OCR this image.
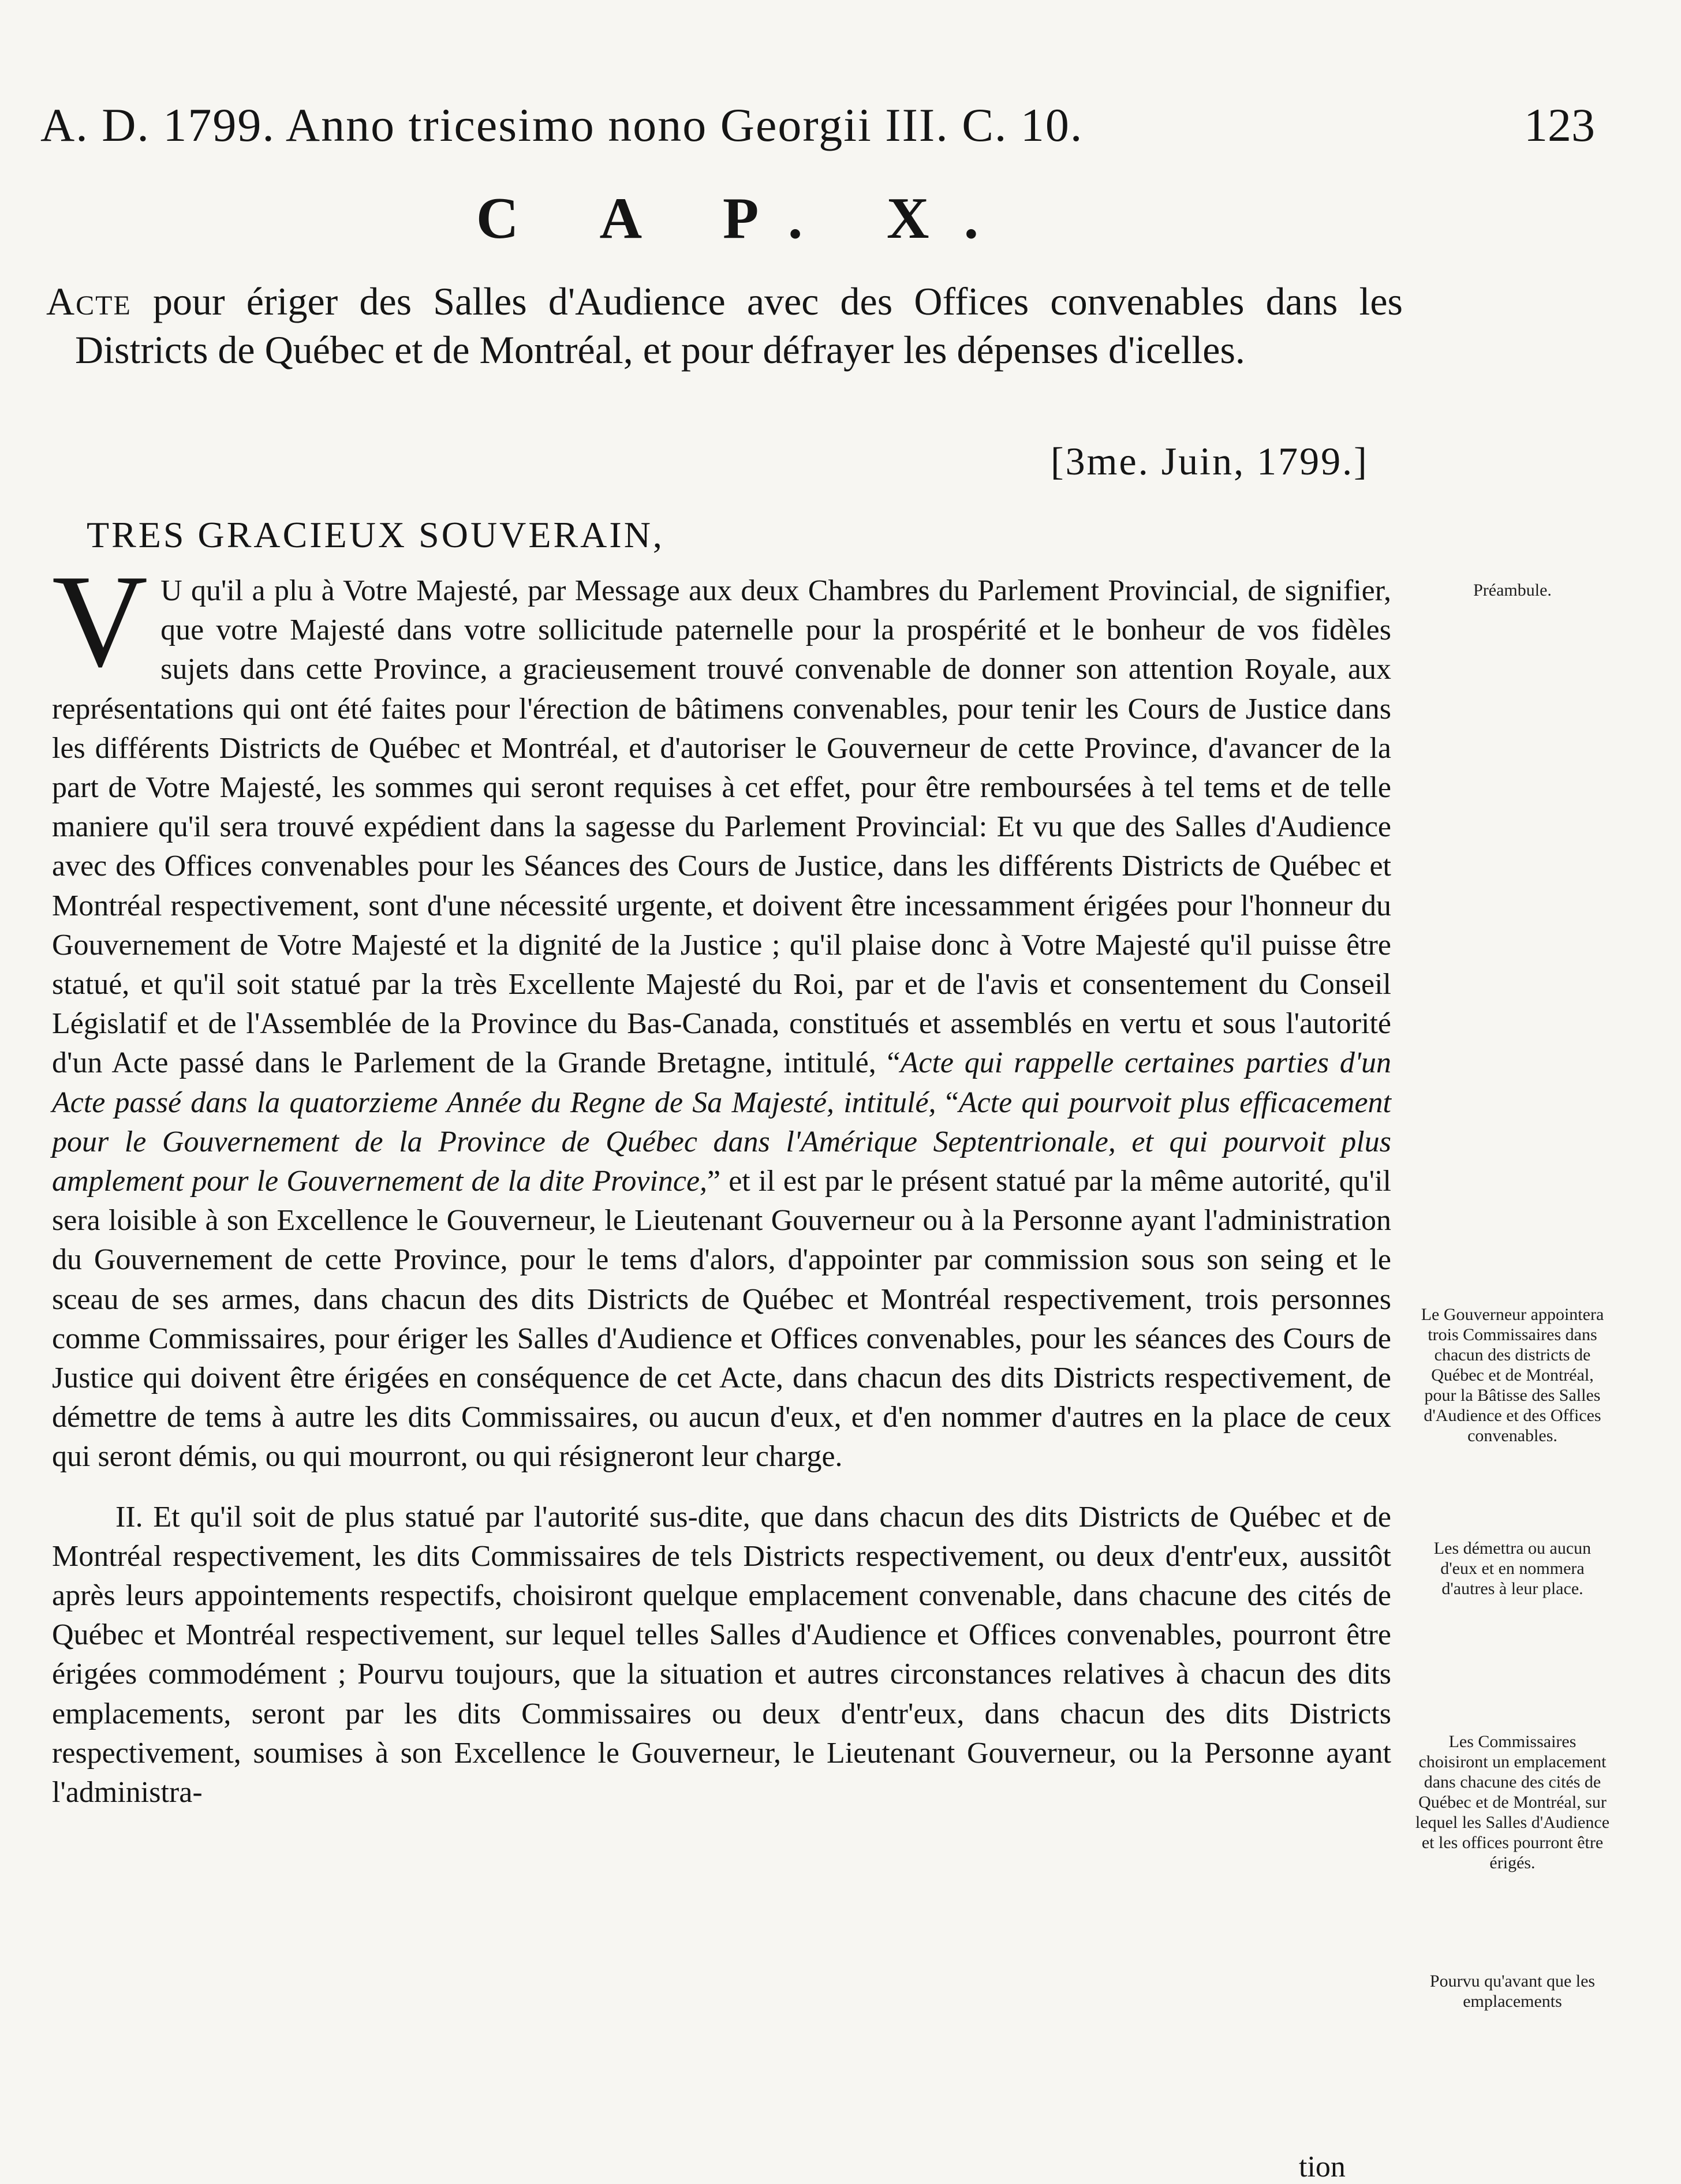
A. D. 1799. Anno tricesimo nono Georgii III. C. 10.	123
C A P. X.
Acte pour ériger des Salles d'Audience avec des Offices convenables dans les Districts de Québec et de Montréal, et pour défrayer les dépenses d'icelles.
[3me. Juin, 1799.]
TRES GRACIEUX SOUVERAIN,

V U qu'il a plu à Votre Majesté, par Message aux deux Chambres du Parlement Provincial, de signifier, que votre Majesté dans votre sollicitude paternelle pour la prospérité et le bonheur de vos fidèles sujets dans cette Province, a gracieusement trouvé convenable de donner son attention Royale, aux représentations qui ont été faites pour l'érection de bâtimens convenables, pour tenir les Cours de Justice dans les différents Districts de Québec et Montréal, et d'autoriser le Gouverneur de cette Province, d'avancer de la part de Votre Majesté, les sommes qui seront requises à cet effet, pour être remboursées à tel tems et de telle maniere qu'il sera trouvé expédient dans la sagesse du Parlement Provincial: Et vu que des Salles d'Audience avec des Offices convenables pour les Séances des Cours de Justice, dans les différents Districts de Québec et Montréal respectivement, sont d'une nécessité urgente, et doivent être incessamment érigées pour l'honneur du Gouvernement de Votre Majesté et la dignité de la Justice ; qu'il plaise donc à Votre Majesté qu'il puisse être statué, et qu'il soit statué par la très Excellente Majesté du Roi, par et de l'avis et consentement du Conseil Législatif et de l'Assemblée de la Province du Bas-Canada, constitués et assemblés en vertu et sous l'autorité d'un Acte passé dans le Parlement de la Grande Bretagne, intitulé, “Acte qui rappelle certaines parties d'un Acte passé dans la quatorzieme Année du Regne de Sa Majesté, intitulé, “Acte qui pourvoit plus efficacement pour le Gouvernement de la Province de Québec dans l'Amérique Septentrionale, et qui pourvoit plus amplement pour le Gouvernement de la dite Province,” et il est par le présent statué par la même autorité, qu'il sera loisible à son Excellence le Gouverneur, le Lieutenant Gouverneur ou à la Personne ayant l'administration du Gouvernement de cette Province, pour le tems d'alors, d'appointer par commission sous son seing et le sceau de ses armes, dans chacun des dits Districts de Québec et Montréal respectivement, trois personnes comme Commissaires, pour ériger les Salles d'Audience et Offices convenables, pour les séances des Cours de Justice qui doivent être érigées en conséquence de cet Acte, dans chacun des dits Districts respectivement, de démettre de tems à autre les dits Commissaires, ou aucun d'eux, et d'en nommer d'autres en la place de ceux qui seront démis, ou qui mourront, ou qui résigneront leur charge.

II. Et qu'il soit de plus statué par l'autorité sus-dite, que dans chacun des dits Districts de Québec et de Montréal respectivement, les dits Commissaires de tels Districts respectivement, ou deux d'entr'eux, aussitôt après leurs appointements respectifs, choisiront quelque emplacement convenable, dans chacune des cités de Québec et Montréal respectivement, sur lequel telles Salles d'Audience et Offices convenables, pourront être érigées commodément ; Pourvu toujours, que la situation et autres circonstances relatives à chacun des dits emplacements, seront par les dits Commissaires ou deux d'entr'eux, dans chacun des dits Districts respectivement, soumises à son Excellence le Gouverneur, le Lieutenant Gouverneur, ou la Personne ayant l'administra-

Préambule.
Le Gouverneur appointera trois Commissaires dans chacun des districts de Québec et de Montréal, pour la Bâtisse des Salles d'Audience et des Offices convenables.
Les démettra ou aucun d'eux et en nommera d'autres à leur place.
Les Commissaires choisiront un emplacement dans chacune des cités de Québec et de Montréal, sur lequel les Salles d'Audience et les offices pourront être érigés.
Pourvu qu'avant que les emplacements
tion
